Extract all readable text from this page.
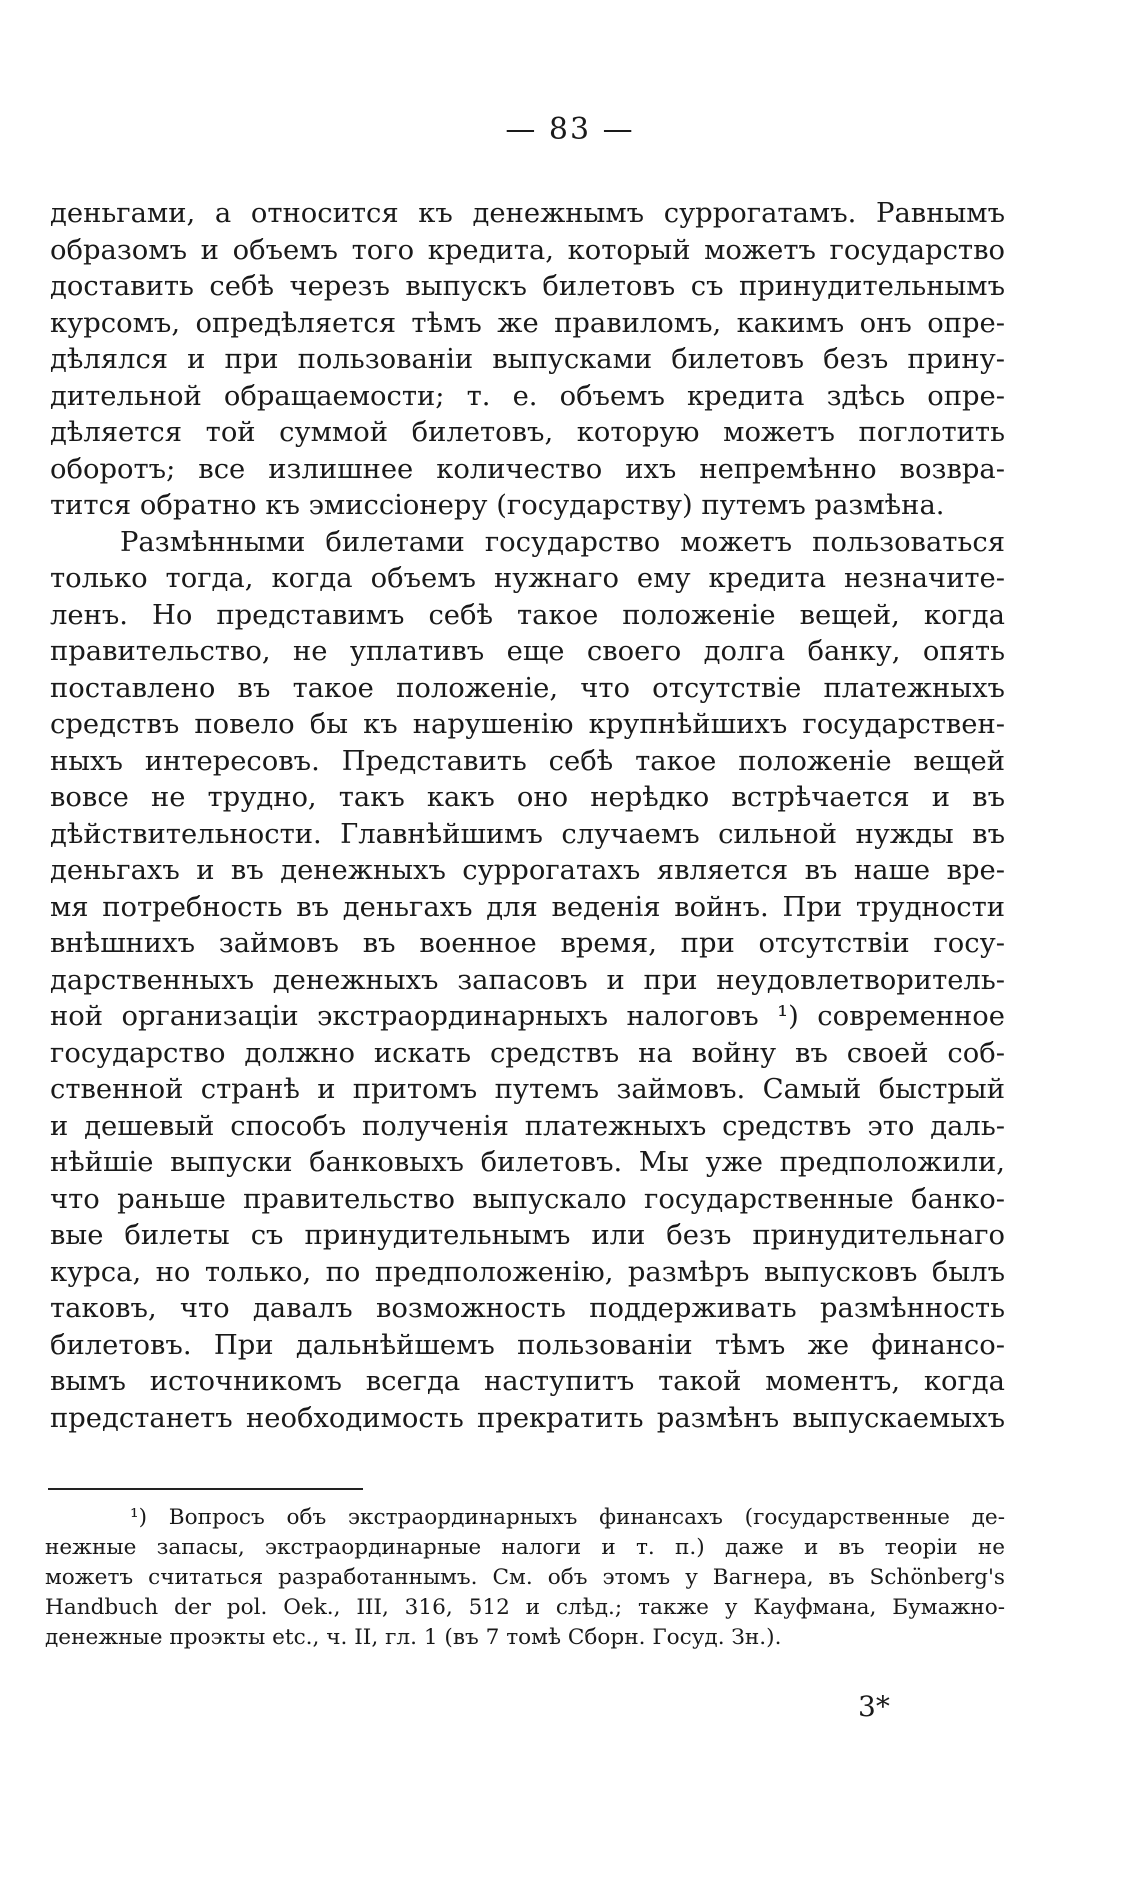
— 83 —
деньгами, а относится къ денежнымъ суррогатамъ. Равнымъ
образомъ и объемъ того кредита, который можетъ государство
доставить себѣ черезъ выпускъ билетовъ съ принудительнымъ
курсомъ, опредѣляется тѣмъ же правиломъ, какимъ онъ опре-
дѣлялся и при пользованіи выпусками билетовъ безъ прину-
дительной обращаемости; т. е. объемъ кредита здѣсь опре-
дѣляется той суммой билетовъ, которую можетъ поглотить
оборотъ; все излишнее количество ихъ непремѣнно возвра-
тится обратно къ эмиссіонеру (государству) путемъ размѣна.
Размѣнными билетами государство можетъ пользоваться
только тогда, когда объемъ нужнаго ему кредита незначите-
ленъ. Но представимъ себѣ такое положеніе вещей, когда
правительство, не уплативъ еще своего долга банку, опять
поставлено въ такое положеніе, что отсутствіе платежныхъ
средствъ повело бы къ нарушенію крупнѣйшихъ государствен-
ныхъ интересовъ. Представить себѣ такое положеніе вещей
вовсе не трудно, такъ какъ оно нерѣдко встрѣчается и въ
дѣйствительности. Главнѣйшимъ случаемъ сильной нужды въ
деньгахъ и въ денежныхъ суррогатахъ является въ наше вре-
мя потребность въ деньгахъ для веденія войнъ. При трудности
внѣшнихъ займовъ въ военное время, при отсутствіи госу-
дарственныхъ денежныхъ запасовъ и при неудовлетворитель-
ной организаціи экстраординарныхъ налоговъ ¹) современное
государство должно искать средствъ на войну въ своей соб-
ственной странѣ и притомъ путемъ займовъ. Самый быстрый
и дешевый способъ полученія платежныхъ средствъ это даль-
нѣйшіе выпуски банковыхъ билетовъ. Мы уже предположили,
что раньше правительство выпускало государственные банко-
вые билеты съ принудительнымъ или безъ принудительнаго
курса, но только, по предположенію, размѣръ выпусковъ былъ
таковъ, что давалъ возможность поддерживать размѣнность
билетовъ. При дальнѣйшемъ пользованіи тѣмъ же финансо-
вымъ источникомъ всегда наступитъ такой моментъ, когда
предстанетъ необходимость прекратить размѣнъ выпускаемыхъ
¹) Вопросъ объ экстраординарныхъ финансахъ (государственные де-
нежные запасы, экстраординарные налоги и т. п.) даже и въ теоріи не
можетъ считаться разработаннымъ. См. объ этомъ у Вагнера, въ Schönberg's
Handbuch der pol. Oek., III, 316, 512 и слѣд.; также у Кауфмана, Бумажно-
денежные проэкты etc., ч. II, гл. 1 (въ 7 томѣ Сборн. Госуд. Зн.).
3*
